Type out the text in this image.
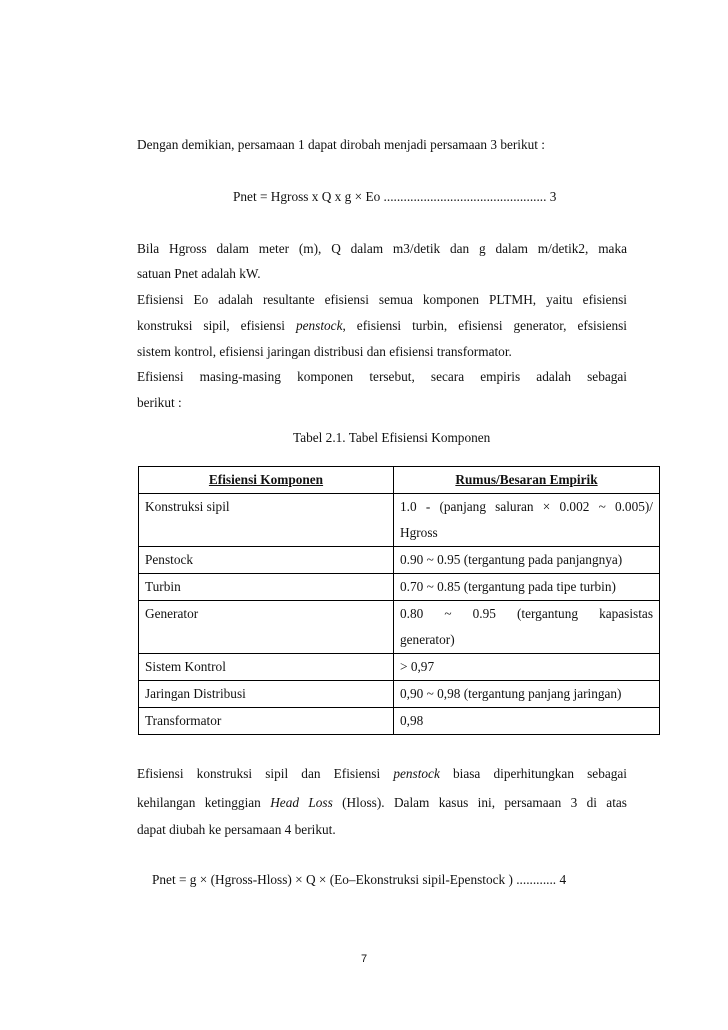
Dengan demikian, persamaan 1 dapat dirobah menjadi persamaan 3 berikut :
Pnet = Hgross x Q x g × Eo ................................................. 3
Bila Hgross dalam meter (m), Q dalam m3/detik dan g dalam m/detik2, maka
satuan Pnet adalah kW.
Efisiensi Eo adalah resultante efisiensi semua komponen PLTMH, yaitu efisiensi
konstruksi sipil, efisiensi penstock, efisiensi turbin, efisiensi generator, efsisiensi
sistem kontrol, efisiensi jaringan distribusi dan efisiensi transformator.
Efisiensi masing-masing komponen tersebut, secara empiris adalah sebagai
berikut :
Tabel 2.1. Tabel Efisiensi Komponen
Efisiensi Komponen	Rumus/Besaran Empirik
Konstruksi sipil	1.0 - (panjang saluran × 0.002 ~ 0.005)/
Hgross

Penstock	0.90 ~ 0.95 (tergantung pada panjangnya)
Turbin	0.70 ~ 0.85 (tergantung pada tipe turbin)
Generator	0.80 ~ 0.95 (tergantung kapasistas
generator)

Sistem Kontrol	> 0,97
Jaringan Distribusi	0,90 ~ 0,98 (tergantung panjang jaringan)
Transformator	0,98
Efisiensi konstruksi sipil dan Efisiensi penstock biasa diperhitungkan sebagai
kehilangan ketinggian Head Loss (Hloss). Dalam kasus ini, persamaan 3 di atas
dapat diubah ke persamaan 4 berikut.
Pnet = g × (Hgross-Hloss) × Q × (Eo–Ekonstruksi sipil-Epenstock ) ............ 4
7
